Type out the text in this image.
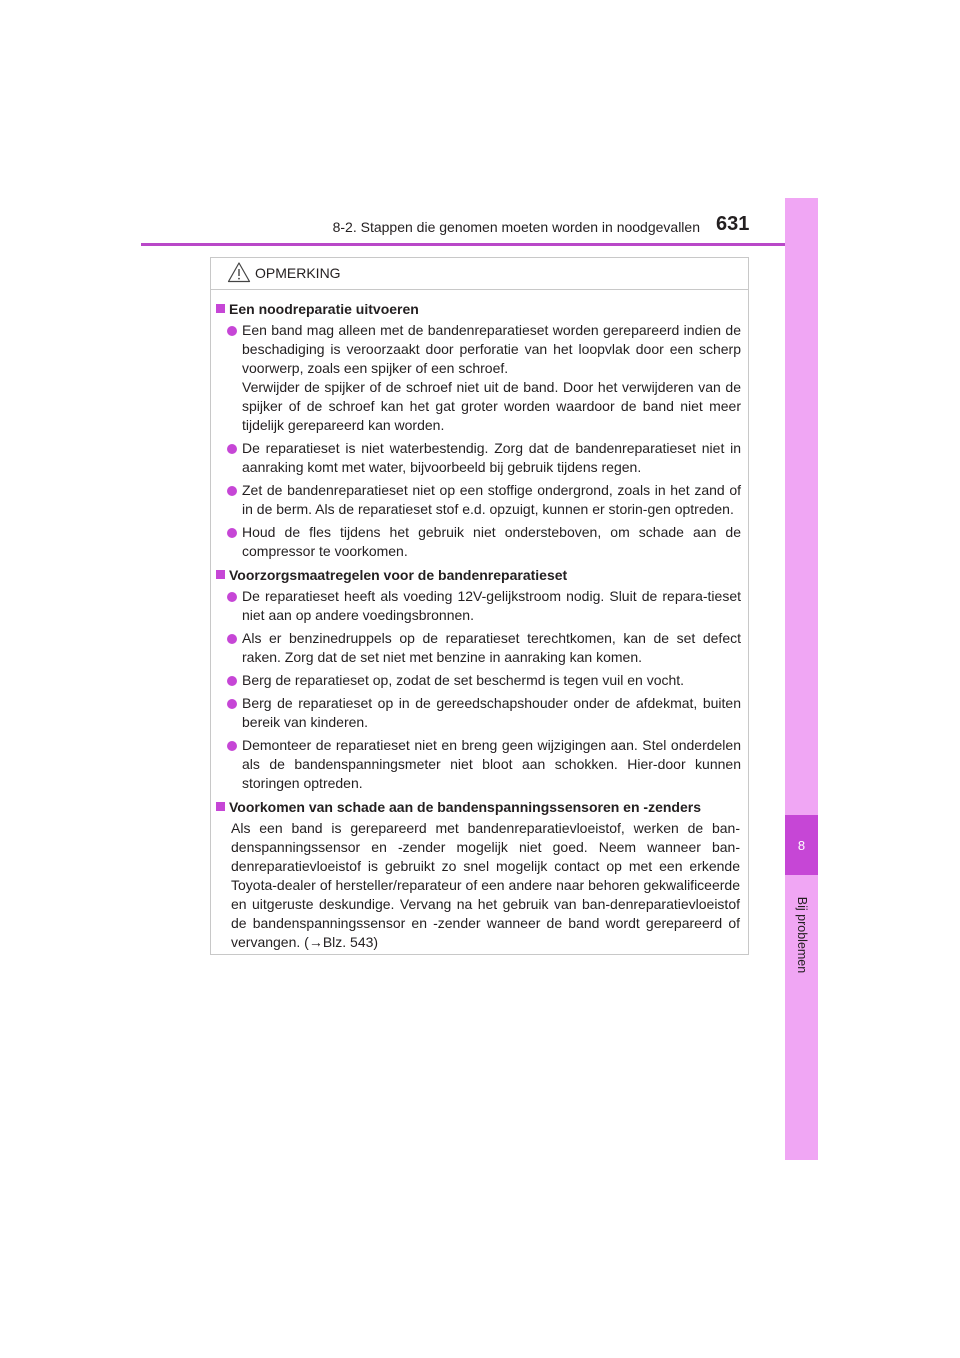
8-2. Stappen die genomen moeten worden in noodgevallen 631
8
Bij problemen
OPMERKING
Een noodreparatie uitvoeren

Een band mag alleen met de bandenreparatieset worden gerepareerd indien de beschadiging is veroorzaakt door perforatie van het loopvlak door een scherp voorwerp, zoals een spijker of een schroef.

Verwijder de spijker of de schroef niet uit de band. Door het verwijderen van de spijker of de schroef kan het gat groter worden waardoor de band niet meer tijdelijk gerepareerd kan worden.

De reparatieset is niet waterbestendig. Zorg dat de bandenreparatieset niet in aanraking komt met water, bijvoorbeeld bij gebruik tijdens regen.

Zet de bandenreparatieset niet op een stoffige ondergrond, zoals in het zand of in de berm. Als de reparatieset stof e.d. opzuigt, kunnen er storin-gen optreden.

Houd de fles tijdens het gebruik niet ondersteboven, om schade aan de compressor te voorkomen.

Voorzorgsmaatregelen voor de bandenreparatieset

De reparatieset heeft als voeding 12V-gelijkstroom nodig. Sluit de repara-tieset niet aan op andere voedingsbronnen.

Als er benzinedruppels op de reparatieset terechtkomen, kan de set defect raken. Zorg dat de set niet met benzine in aanraking kan komen.

Berg de reparatieset op, zodat de set beschermd is tegen vuil en vocht.

Berg de reparatieset op in de gereedschapshouder onder de afdekmat, buiten bereik van kinderen.

Demonteer de reparatieset niet en breng geen wijzigingen aan. Stel onderdelen als de bandenspanningsmeter niet bloot aan schokken. Hier-door kunnen storingen optreden.

Voorkomen van schade aan de bandenspanningssensoren en -zenders

Als een band is gerepareerd met bandenreparatievloeistof, werken de ban-denspanningssensor en -zender mogelijk niet goed. Neem wanneer ban-denreparatievloeistof is gebruikt zo snel mogelijk contact op met een erkende Toyota-dealer of hersteller/reparateur of een andere naar behoren gekwalificeerde en uitgeruste deskundige. Vervang na het gebruik van ban-denreparatievloeistof de bandenspanningssensor en -zender wanneer de band wordt gerepareerd of vervangen. (→Blz. 543)
